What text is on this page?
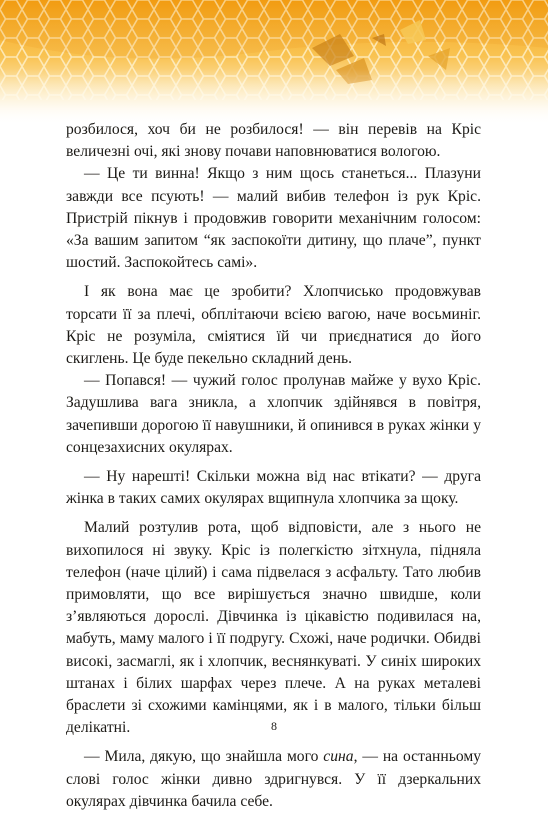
розбилося, хоч би не розбилося! — він перевів на Кріс величезні очі, які знову почави наповнюватися вологою.

— Це ти винна! Якщо з ним щось станеться... Плазуни завжди все псують! — малий вибив телефон із рук Кріс. Пристрій пікнув і продовжив говорити механічним голосом: «За вашим запитом “як заспокоїти дитину, що плаче”, пункт шостий. Заспокойтесь самі».

І як вона має це зробити? Хлопчисько продовжував торсати її за плечі, обплітаючи всією вагою, наче восьминіг. Кріс не розуміла, сміятися їй чи приєднатися до його скиглень. Це буде пекельно складний день.

— Попався! — чужий голос пролунав майже у вухо Кріс. Задушлива вага зникла, а хлопчик здійнявся в повітря, зачепивши дорогою її навушники, й опинився в руках жінки у сонцезахисних окулярах.

— Ну нарешті! Скільки можна від нас втікати? — друга жінка в таких самих окулярах вщипнула хлопчика за щоку.

Малий розтулив рота, щоб відповісти, але з нього не вихопилося ні звуку. Кріс із полегкістю зітхнула, підняла телефон (наче цілий) і сама підвелася з асфальту. Тато любив примовляти, що все вирішується значно швидше, коли з’являються дорослі. Дівчинка із цікавістю подивилася на, мабуть, маму малого і її подругу. Схожі, наче родички. Обидві високі, засмаглі, як і хлопчик, веснянкуваті. У синіх широких штанах і білих шарфах через плече. А на руках металеві браслети зі схожими камінцями, як і в малого, тільки більш делікатні.

— Мила, дякую, що знайшла мого сина, — на останньому слові голос жінки дивно здригнувся. У її дзеркальних окулярах дівчинка бачила себе.

8
